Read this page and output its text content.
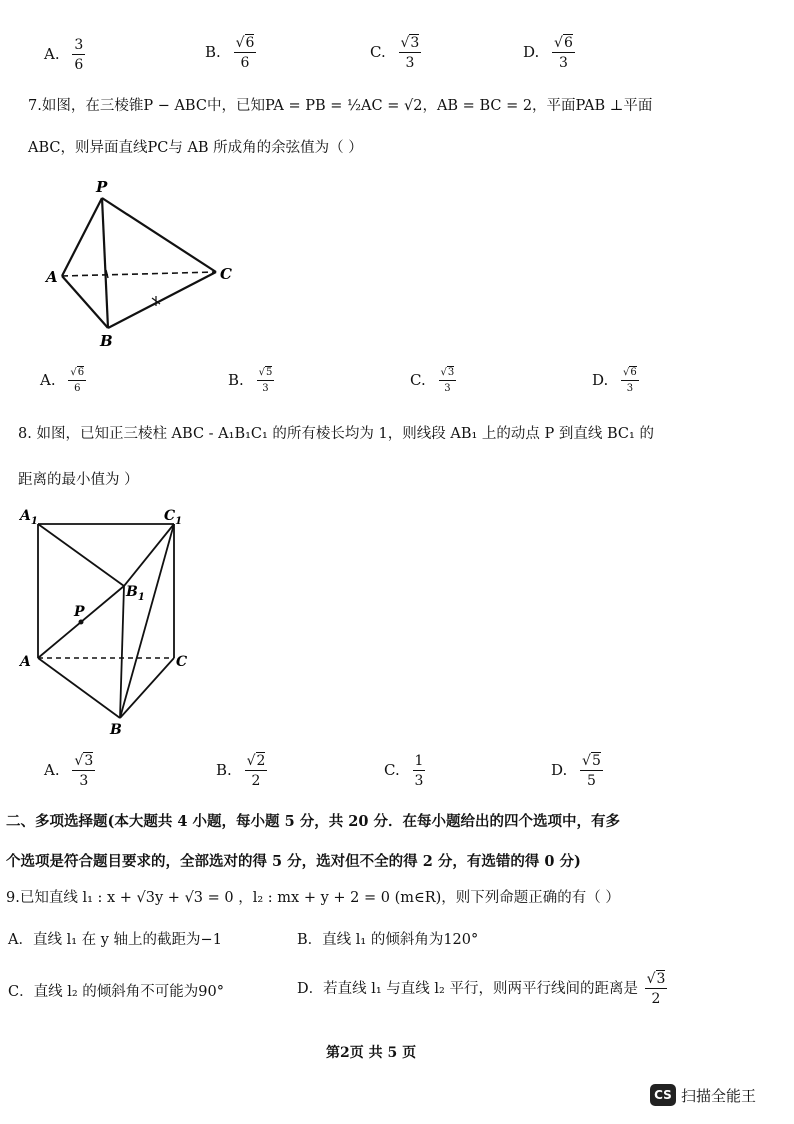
A. $\frac{3}{6}$	B. $\frac{√6}{6}$	C. $\frac{√3}{3}$	D. $\frac{√6}{3}$
7.如图，在三棱锥P − ABC中，已知PA = PB = ½AC = √2，AB = BC = 2，平面PAB ⊥平面
ABC，则异面直线PC与 AB 所成角的余弦值为（ ）
P
A
B
C
A. $\frac{√6}{6}$	B. $\frac{√5}{3}$	C. $\frac{√3}{3}$	D. $\frac{√6}{3}$
8. 如图，已知正三棱柱 ABC - A₁B₁C₁ 的所有棱长均为 1，则线段 AB₁ 上的动点 P 到直线 BC₁ 的
距离的最小值为 ）
$A_1$	$C_1$
$B_1$
P
A	C
B
A. $\frac{√3}{3}$	B. $\frac{√2}{2}$	C. $\frac{1}{3}$	D. $\frac{√5}{5}$
二、多项选择题(本大题共 4 小题，每小题 5 分，共 20 分．在每小题给出的四个选项中，有多
个选项是符合题目要求的，全部选对的得 5 分，选对但不全的得 2 分，有选错的得 0 分)
9.已知直线 l₁ : x + √3y + √3 = 0 ，l₂ : mx + y + 2 = 0 (m∈R)，则下列命题正确的有（ ）
A．直线 l₁ 在 y 轴上的截距为−1	B．直线 l₁ 的倾斜角为120°
C．直线 l₂ 的倾斜角不可能为90°	D．若直线 l₁ 与直线 l₂ 平行，则两平行线间的距离是 $\frac{√3}{2}$
第2页 共 5 页
CS 扫描全能王
